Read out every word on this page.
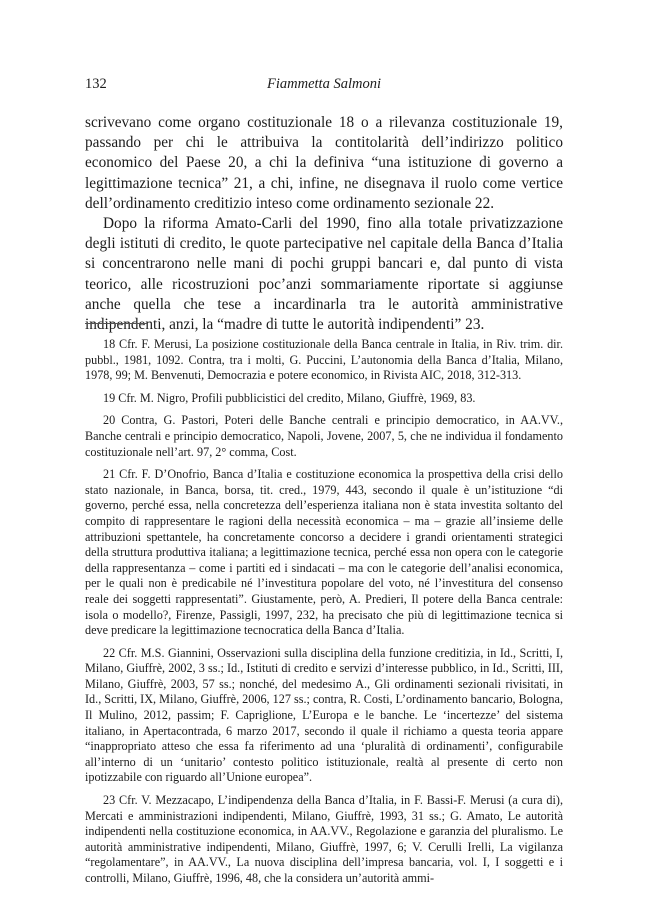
132	Fiammetta Salmoni

scrivevano come organo costituzionale 18 o a rilevanza costituzionale 19, passando per chi le attribuiva la contitolarità dell’indirizzo politico economico del Paese 20, a chi la definiva “una istituzione di governo a legittimazione tecnica” 21, a chi, infine, ne disegnava il ruolo come vertice dell’ordinamento creditizio inteso come ordinamento sezionale 22.

Dopo la riforma Amato-Carli del 1990, fino alla totale privatizzazione degli istituti di credito, le quote partecipative nel capitale della Banca d’Italia si concentrarono nelle mani di pochi gruppi bancari e, dal punto di vista teorico, alle ricostruzioni poc’anzi sommariamente riportate si aggiunse anche quella che tese a incardinarla tra le autorità amministrative indipendenti, anzi, la “madre di tutte le autorità indipendenti” 23.

18 Cfr. F. Merusi, La posizione costituzionale della Banca centrale in Italia, in Riv. trim. dir. pubbl., 1981, 1092. Contra, tra i molti, G. Puccini, L’autonomia della Banca d’Italia, Milano, 1978, 99; M. Benvenuti, Democrazia e potere economico, in Rivista AIC, 2018, 312-313.

19 Cfr. M. Nigro, Profili pubblicistici del credito, Milano, Giuffrè, 1969, 83.

20 Contra, G. Pastori, Poteri delle Banche centrali e principio democratico, in AA.VV., Banche centrali e principio democratico, Napoli, Jovene, 2007, 5, che ne individua il fondamento costituzionale nell’art. 97, 2° comma, Cost.

21 Cfr. F. D’Onofrio, Banca d’Italia e costituzione economica la prospettiva della crisi dello stato nazionale, in Banca, borsa, tit. cred., 1979, 443, secondo il quale è un’istituzione “di governo, perché essa, nella concretezza dell’esperienza italiana non è stata investita soltanto del compito di rappresentare le ragioni della necessità economica – ma – grazie all’insieme delle attribuzioni spettantele, ha concretamente concorso a decidere i grandi orientamenti strategici della struttura produttiva italiana; a legittimazione tecnica, perché essa non opera con le categorie della rappresentanza – come i partiti ed i sindacati – ma con le categorie dell’analisi economica, per le quali non è predicabile né l’investitura popolare del voto, né l’investitura del consenso reale dei soggetti rappresentati”. Giustamente, però, A. Predieri, Il potere della Banca centrale: isola o modello?, Firenze, Passigli, 1997, 232, ha precisato che più di legittimazione tecnica si deve predicare la legittimazione tecnocratica della Banca d’Italia.

22 Cfr. M.S. Giannini, Osservazioni sulla disciplina della funzione creditizia, in Id., Scritti, I, Milano, Giuffrè, 2002, 3 ss.; Id., Istituti di credito e servizi d’interesse pubblico, in Id., Scritti, III, Milano, Giuffrè, 2003, 57 ss.; nonché, del medesimo A., Gli ordinamenti sezionali rivisitati, in Id., Scritti, IX, Milano, Giuffrè, 2006, 127 ss.; contra, R. Costi, L’ordinamento bancario, Bologna, Il Mulino, 2012, passim; F. Capriglione, L’Europa e le banche. Le ‘incertezze’ del sistema italiano, in Apertacontrada, 6 marzo 2017, secondo il quale il richiamo a questa teoria appare “inappropriato atteso che essa fa riferimento ad una ‘pluralità di ordinamenti’, configurabile all’interno di un ‘unitario’ contesto politico istituzionale, realtà al presente di certo non ipotizzabile con riguardo all’Unione europea”.

23 Cfr. V. Mezzacapo, L’indipendenza della Banca d’Italia, in F. Bassi-F. Merusi (a cura di), Mercati e amministrazioni indipendenti, Milano, Giuffrè, 1993, 31 ss.; G. Amato, Le autorità indipendenti nella costituzione economica, in AA.VV., Regolazione e garanzia del pluralismo. Le autorità amministrative indipendenti, Milano, Giuffrè, 1997, 6; V. Cerulli Irelli, La vigilanza “regolamentare”, in AA.VV., La nuova disciplina dell’impresa bancaria, vol. I, I soggetti e i controlli, Milano, Giuffrè, 1996, 48, che la considera un’autorità ammi-
